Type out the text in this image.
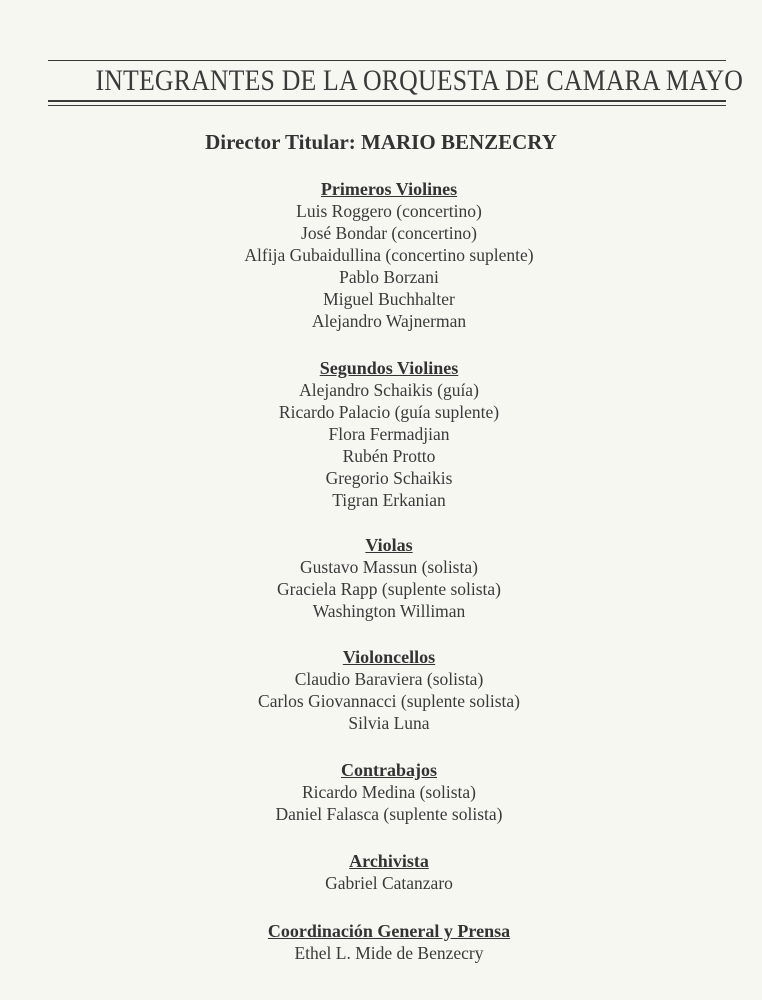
INTEGRANTES DE LA ORQUESTA DE CAMARA MAYO
Director Titular: MARIO BENZECRY
Primeros Violines
Luis Roggero (concertino)
José Bondar (concertino)
Alfija Gubaidullina (concertino suplente)
Pablo Borzani
Miguel Buchhalter
Alejandro Wajnerman
Segundos Violines
Alejandro Schaikis (guía)
Ricardo Palacio (guía suplente)
Flora Fermadjian
Rubén Protto
Gregorio Schaikis
Tigran Erkanian
Violas
Gustavo Massun (solista)
Graciela Rapp (suplente solista)
Washington Williman
Violoncellos
Claudio Baraviera (solista)
Carlos Giovannacci (suplente solista)
Silvia Luna
Contrabajos
Ricardo Medina (solista)
Daniel Falasca (suplente solista)
Archivista
Gabriel Catanzaro
Coordinación General y Prensa
Ethel L. Mide de Benzecry
